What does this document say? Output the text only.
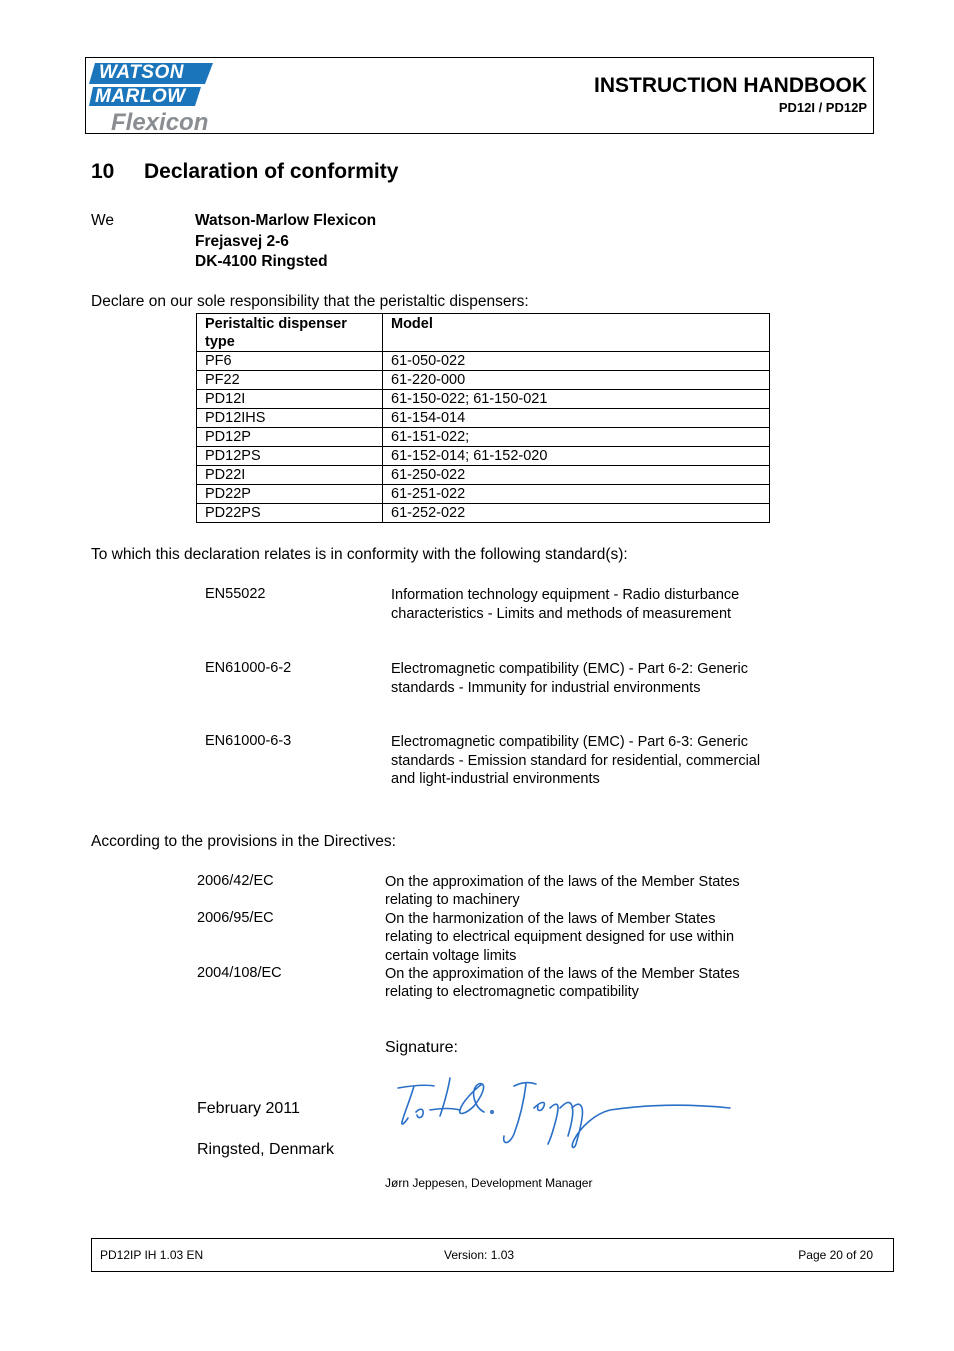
WATSON
MARLOW
Flexicon
INSTRUCTION HANDBOOK
PD12I / PD12P
10 Declaration of conformity
We	Watson-Marlow Flexicon
Frejasvej 2-6
DK-4100 Ringsted
Declare on our sole responsibility that the peristaltic dispensers:
Peristaltic dispenser type	Model
PF6	61-050-022
PF22	61-220-000
PD12I	61-150-022; 61-150-021
PD12IHS	61-154-014
PD12P	61-151-022;
PD12PS	61-152-014; 61-152-020
PD22I	61-250-022
PD22P	61-251-022
PD22PS	61-252-022
To which this declaration relates is in conformity with the following standard(s):
EN55022	Information technology equipment - Radio disturbance characteristics - Limits and methods of measurement
EN61000-6-2	Electromagnetic compatibility (EMC) - Part 6-2: Generic standards - Immunity for industrial environments
EN61000-6-3	Electromagnetic compatibility (EMC) - Part 6-3: Generic standards - Emission standard for residential, commercial and light-industrial environments
According to the provisions in the Directives:
2006/42/EC	On the approximation of the laws of the Member States relating to machinery
2006/95/EC	On the harmonization of the laws of Member States relating to electrical equipment designed for use within certain voltage limits
2004/108/EC	On the approximation of the laws of the Member States relating to electromagnetic compatibility
Signature:
February 2011
Ringsted, Denmark
Jørn Jeppesen, Development Manager
PD12IP IH 1.03 EN	Version: 1.03	Page 20 of 20
